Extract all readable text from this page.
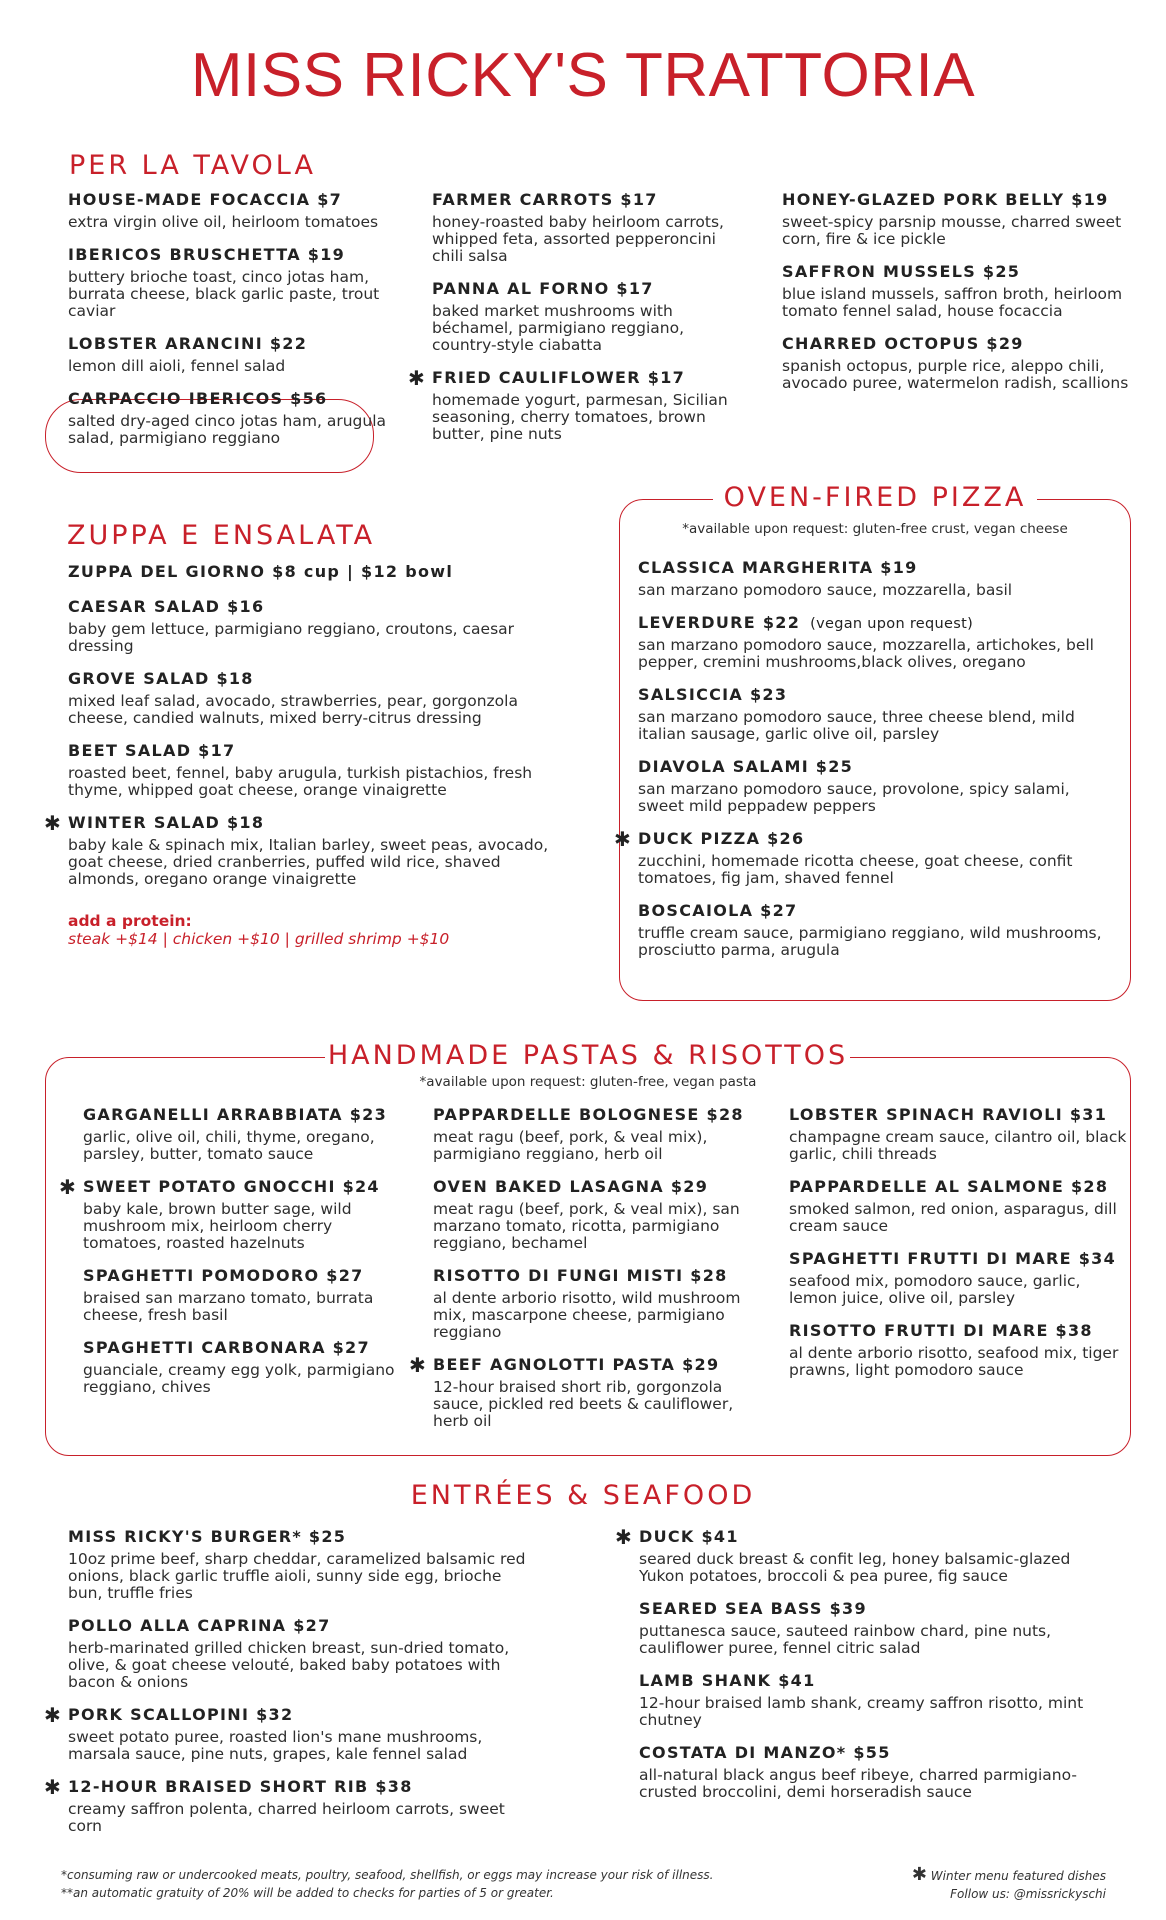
MISS RICKY'S TRATTORIA
PER LA TAVOLA
HOUSE-MADE FOCACCIA $7
extra virgin olive oil, heirloom tomatoes
IBERICOS BRUSCHETTA $19
buttery brioche toast, cinco jotas ham, burrata cheese, black garlic paste, trout caviar
LOBSTER ARANCINI $22
lemon dill aioli, fennel salad
CARPACCIO IBERICOS $56
salted dry-aged cinco jotas ham, arugula salad, parmigiano reggiano
FARMER CARROTS $17
honey-roasted baby heirloom carrots, whipped feta, assorted pepperoncini chili salsa
PANNA AL FORNO $17
baked market mushrooms with béchamel, parmigiano reggiano, country-style ciabatta
✱ FRIED CAULIFLOWER $17
homemade yogurt, parmesan, Sicilian seasoning, cherry tomatoes, brown butter, pine nuts
HONEY-GLAZED PORK BELLY $19
sweet-spicy parsnip mousse, charred sweet corn, fire & ice pickle
SAFFRON MUSSELS $25
blue island mussels, saffron broth, heirloom tomato fennel salad, house focaccia
CHARRED OCTOPUS $29
spanish octopus, purple rice, aleppo chili, avocado puree, watermelon radish, scallions
ZUPPA E ENSALATA
ZUPPA DEL GIORNO $8 cup | $12 bowl
CAESAR SALAD $16
baby gem lettuce, parmigiano reggiano, croutons, caesar dressing
GROVE SALAD $18
mixed leaf salad, avocado, strawberries, pear, gorgonzola cheese, candied walnuts, mixed berry-citrus dressing
BEET SALAD $17
roasted beet, fennel, baby arugula, turkish pistachios, fresh thyme, whipped goat cheese, orange vinaigrette
✱ WINTER SALAD $18
baby kale & spinach mix, Italian barley, sweet peas, avocado, goat cheese, dried cranberries, puffed wild rice, shaved almonds, oregano orange vinaigrette
add a protein:
steak +$14 | chicken +$10 | grilled shrimp +$10
OVEN-FIRED PIZZA
*available upon request: gluten-free crust, vegan cheese
CLASSICA MARGHERITA $19
san marzano pomodoro sauce, mozzarella, basil
LEVERDURE $22 (vegan upon request)
san marzano pomodoro sauce, mozzarella, artichokes, bell pepper, cremini mushrooms,black olives, oregano
SALSICCIA $23
san marzano pomodoro sauce, three cheese blend, mild italian sausage, garlic olive oil, parsley
DIAVOLA SALAMI $25
san marzano pomodoro sauce, provolone, spicy salami, sweet mild peppadew peppers
✱ DUCK PIZZA $26
zucchini, homemade ricotta cheese, goat cheese, confit tomatoes, fig jam, shaved fennel
BOSCAIOLA $27
truffle cream sauce, parmigiano reggiano, wild mushrooms, prosciutto parma, arugula
HANDMADE PASTAS & RISOTTOS
*available upon request: gluten-free, vegan pasta
GARGANELLI ARRABBIATA $23
garlic, olive oil, chili, thyme, oregano, parsley, butter, tomato sauce
✱ SWEET POTATO GNOCCHI $24
baby kale, brown butter sage, wild mushroom mix, heirloom cherry tomatoes, roasted hazelnuts
SPAGHETTI POMODORO $27
braised san marzano tomato, burrata cheese, fresh basil
SPAGHETTI CARBONARA $27
guanciale, creamy egg yolk, parmigiano reggiano, chives
PAPPARDELLE BOLOGNESE $28
meat ragu (beef, pork, & veal mix), parmigiano reggiano, herb oil
OVEN BAKED LASAGNA $29
meat ragu (beef, pork, & veal mix), san marzano tomato, ricotta, parmigiano reggiano, bechamel
RISOTTO DI FUNGI MISTI $28
al dente arborio risotto, wild mushroom mix, mascarpone cheese, parmigiano reggiano
✱ BEEF AGNOLOTTI PASTA $29
12-hour braised short rib, gorgonzola sauce, pickled red beets & cauliflower, herb oil
LOBSTER SPINACH RAVIOLI $31
champagne cream sauce, cilantro oil, black garlic, chili threads
PAPPARDELLE AL SALMONE $28
smoked salmon, red onion, asparagus, dill cream sauce
SPAGHETTI FRUTTI DI MARE $34
seafood mix, pomodoro sauce, garlic, lemon juice, olive oil, parsley
RISOTTO FRUTTI DI MARE $38
al dente arborio risotto, seafood mix, tiger prawns, light pomodoro sauce
ENTRÉES & SEAFOOD
MISS RICKY'S BURGER* $25
10oz prime beef, sharp cheddar, caramelized balsamic red onions, black garlic truffle aioli, sunny side egg, brioche bun, truffle fries
POLLO ALLA CAPRINA $27
herb-marinated grilled chicken breast, sun-dried tomato, olive, & goat cheese velouté, baked baby potatoes with bacon & onions
✱ PORK SCALLOPINI $32
sweet potato puree, roasted lion's mane mushrooms, marsala sauce, pine nuts, grapes, kale fennel salad
✱ 12-HOUR BRAISED SHORT RIB $38
creamy saffron polenta, charred heirloom carrots, sweet corn
✱ DUCK $41
seared duck breast & confit leg, honey balsamic-glazed Yukon potatoes, broccoli & pea puree, fig sauce
SEARED SEA BASS $39
puttanesca sauce, sauteed rainbow chard, pine nuts, cauliflower puree, fennel citric salad
LAMB SHANK $41
12-hour braised lamb shank, creamy saffron risotto, mint chutney
COSTATA DI MANZO* $55
all-natural black angus beef ribeye, charred parmigiano-crusted broccolini, demi horseradish sauce
*consuming raw or undercooked meats, poultry, seafood, shellfish, or eggs may increase your risk of illness.
**an automatic gratuity of 20% will be added to checks for parties of 5 or greater.
✱ Winter menu featured dishes
Follow us: @missrickyschi
